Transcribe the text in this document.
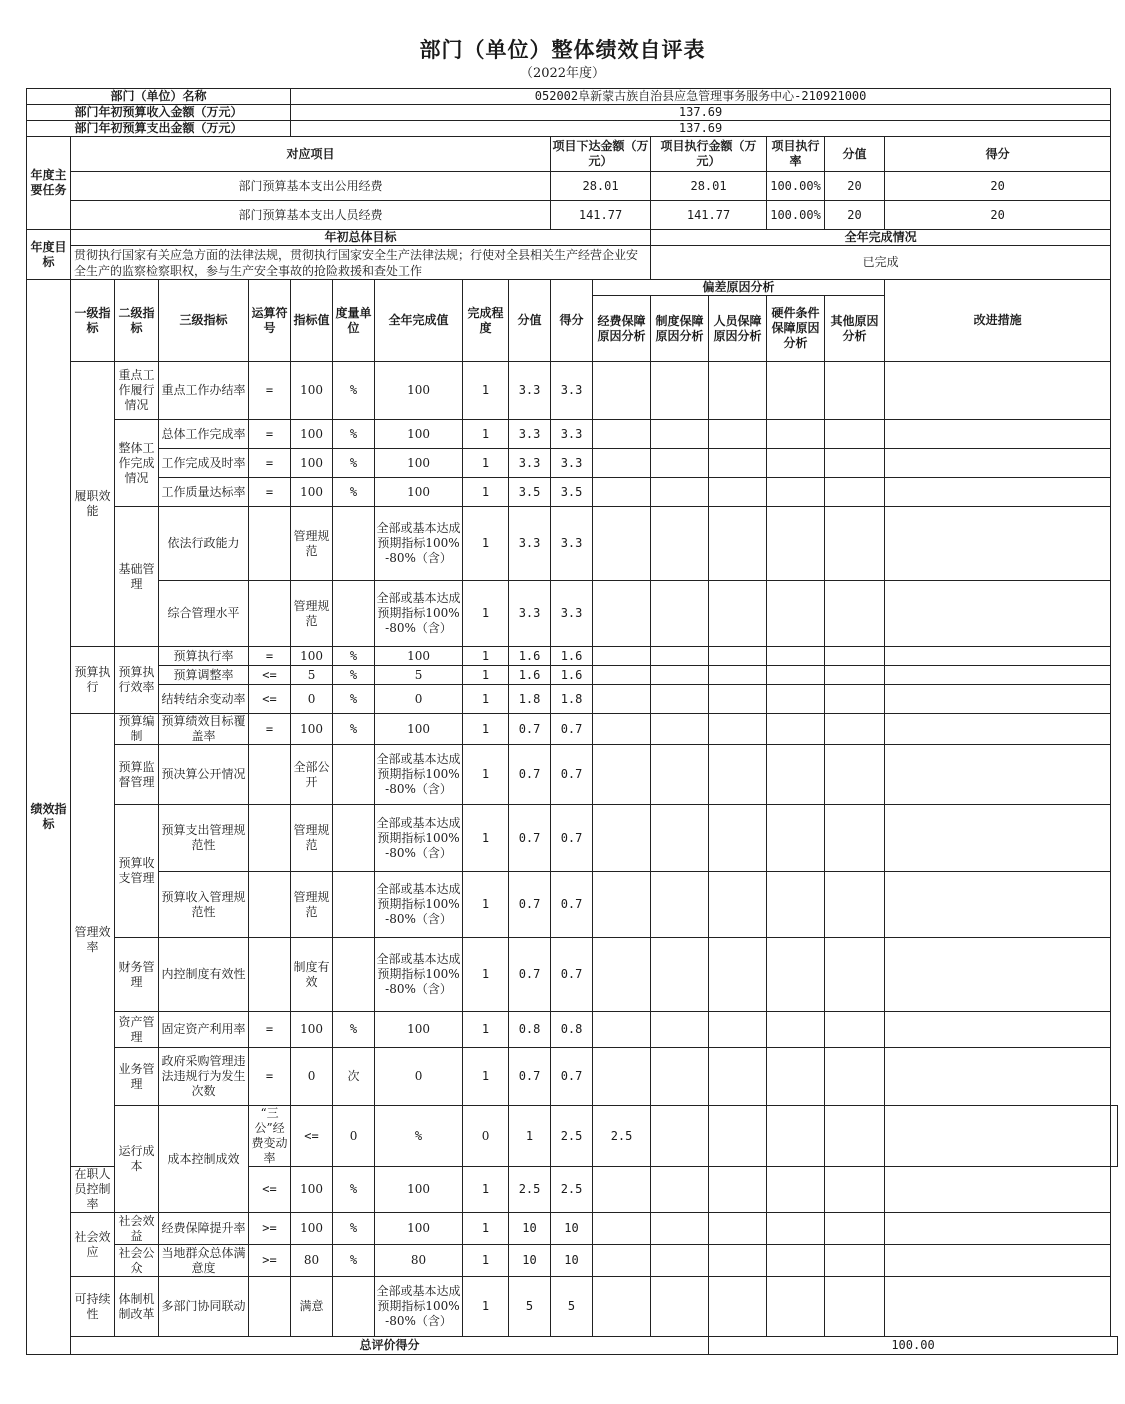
部门（单位）整体绩效自评表
（2022年度）
部门（单位）名称					052002阜新蒙古族自治县应急管理事务服务中心-210921000												
部门年初预算收入金额（万元）					137.69												
部门年初预算支出金额（万元）					137.69												
年度主要任务	对应项目									项目下达金额（万元）		项目执行金额（万元）		项目执行率	分值	得分	
	部门预算基本支出公用经费									28.01		28.01		100.00%	20	20	
	部门预算基本支出人员经费									141.77		141.77		100.00%	20	20	
年度目标	年初总体目标											全年完成情况					

	贯彻执行国家有关应急方面的法律法规，贯彻执行国家安全生产法律法规；行使对全县相关生产经营企业安全生产的监察检察职权，参与生产安全事故的抢险救援和查处工作											已完成					
绩效指标	一级指标	二级指标	三级指标	运算符号	指标值	度量单位	全年完成值	完成程度	分值	得分	偏差原因分析					改进措施	
											经费保障原因分析	制度保障原因分析	人员保障原因分析	硬件条件保障原因分析	其他原因分析		
	履职效能	重点工作履行情况	重点工作办结率	=	100	%	100	1	3.3	3.3							
		整体工作完成情况	总体工作完成率	=	100	%	100	1	3.3	3.3							
			工作完成及时率	=	100	%	100	1	3.3	3.3							
			工作质量达标率	=	100	%	100	1	3.5	3.5							
		基础管理	依法行政能力		管理规范		全部或基本达成预期指标100%-80%（含）	1	3.3	3.3							
			综合管理水平		管理规范		全部或基本达成预期指标100%-80%（含）	1	3.3	3.3							
	预算执行	预算执行效率	预算执行率	=	100	%	100	1	1.6	1.6							
			预算调整率	<=	5	%	5	1	1.6	1.6							
			结转结余变动率	<=	0	%	0	1	1.8	1.8							
	管理效率	预算编制	预算绩效目标覆盖率	=	100	%	100	1	0.7	0.7							
		预算监督管理	预决算公开情况		全部公开		全部或基本达成预期指标100%-80%（含）	1	0.7	0.7							
		预算收支管理	预算支出管理规范性		管理规范		全部或基本达成预期指标100%-80%（含）	1	0.7	0.7							
			预算收入管理规范性		管理规范		全部或基本达成预期指标100%-80%（含）	1	0.7	0.7							
		财务管理	内控制度有效性		制度有效		全部或基本达成预期指标100%-80%（含）	1	0.7	0.7							
		资产管理	固定资产利用率	=	100	%	100	1	0.8	0.8							
		业务管理	政府采购管理违法违规行为发生次数	=	0	次	0	1	0.7	0.7							
		运行成本	成本控制成效	“三公”经费变动率	<=	0	%	0	1	2.5	2.5						
	在职人员控制率			<=	100	%	100	1	2.5	2.5							
	社会效应	社会效益	经费保障提升率	>=	100	%	100	1	10	10							
		社会公众	当地群众总体满意度	>=	80	%	80	1	10	10							
	可持续性	体制机制改革	多部门协同联动		满意		全部或基本达成预期指标100%-80%（含）	1	5	5							
	总评价得分												100.00				
